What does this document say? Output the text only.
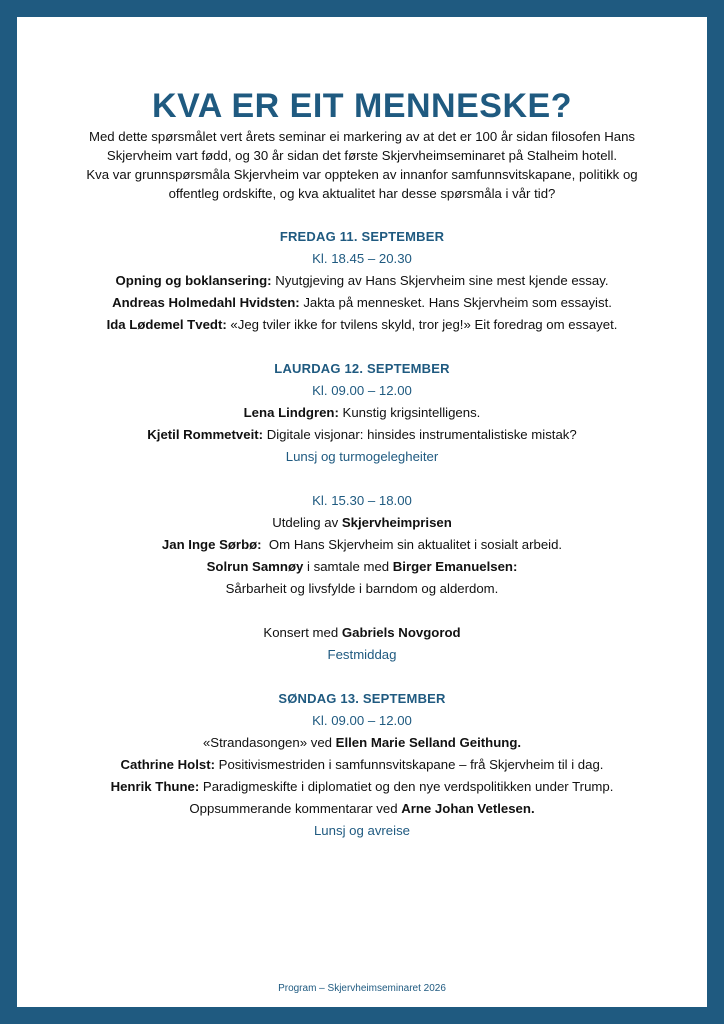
KVA ER EIT MENNESKE?

Med dette spørsmålet vert årets seminar ei markering av at det er 100 år sidan filosofen Hans

Skjervheim vart fødd, og 30 år sidan det første Skjervheimseminaret på Stalheim hotell.

Kva var grunnspørsmåla Skjervheim var oppteken av innanfor samfunnsvitskapane, politikk og

offentleg ordskifte, og kva aktualitet har desse spørsmåla i vår tid?

FREDAG 11. SEPTEMBER
Kl. 18.45 – 20.30
Opning og boklansering: Nyutgjeving av Hans Skjervheim sine mest kjende essay.
Andreas Holmedahl Hvidsten: Jakta på mennesket. Hans Skjervheim som essayist.
Ida Lødemel Tvedt: «Jeg tviler ikke for tvilens skyld, tror jeg!» Eit foredrag om essayet.
LAURDAG 12. SEPTEMBER
Kl. 09.00 – 12.00
Lena Lindgren: Kunstig krigsintelligens.
Kjetil Rommetveit: Digitale visjonar: hinsides instrumentalistiske mistak?
Lunsj og turmogelegheiter
Kl. 15.30 – 18.00
Utdeling av Skjervheimprisen
Jan Inge Sørbø:  Om Hans Skjervheim sin aktualitet i sosialt arbeid.
Solrun Samnøy i samtale med Birger Emanuelsen:
Sårbarheit og livsfylde i barndom og alderdom.
Konsert med Gabriels Novgorod
Festmiddag
SØNDAG 13. SEPTEMBER
Kl. 09.00 – 12.00
«Strandasongen» ved Ellen Marie Selland Geithung.
Cathrine Holst: Positivismestriden i samfunnsvitskapane – frå Skjervheim til i dag.
Henrik Thune: Paradigmeskifte i diplomatiet og den nye verdspolitikken under Trump.
Oppsummerande kommentarar ved Arne Johan Vetlesen.
Lunsj og avreise
Program – Skjervheimseminaret 2026
